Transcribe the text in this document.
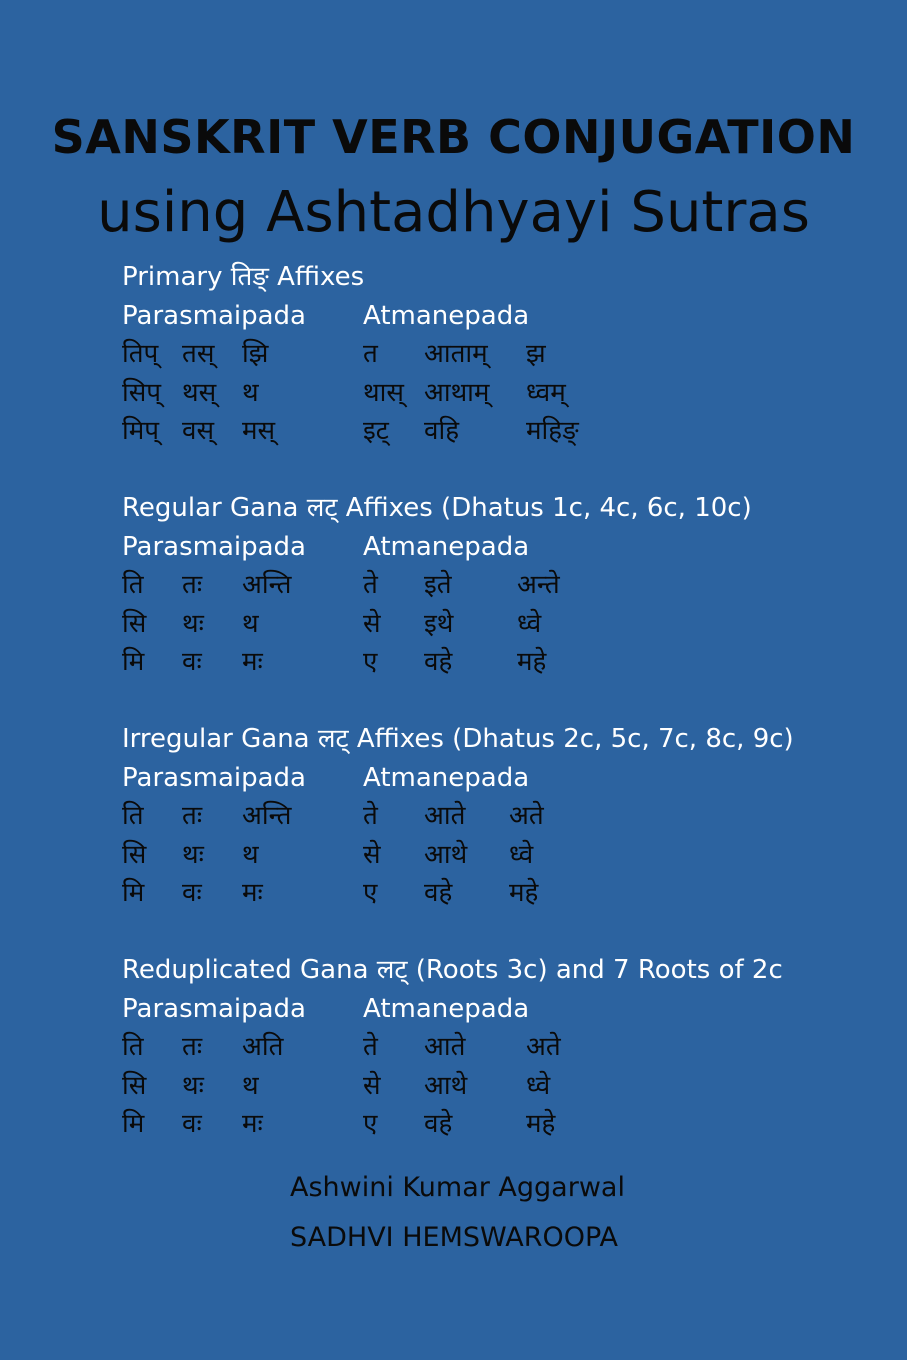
SANSKRIT VERB CONJUGATION
using Ashtadhyayi Sutras
Primary तिङ् Affixes
Parasmaipada Atmanepada
तिप् तस् झि	त आताम् झ
सिप् थस् थ	थास् आथाम् ध्वम्
मिप् वस् मस्	इट् वहि	महिङ्
Regular Gana लट् Affixes (Dhatus 1c, 4c, 6c, 10c)
Parasmaipada Atmanepada
ति तः अन्ति	ते इते	अन्ते
सि थः थ	से इथे ध्वे
मि वः मः	ए वहे महे
Irregular Gana लट् Affixes (Dhatus 2c, 5c, 7c, 8c, 9c)
Parasmaipada Atmanepada
ति तः अन्ति	ते आते अते
सि थः थ	से आथे ध्वे
मि वः मः	ए वहे महे
Reduplicated Gana लट् (Roots 3c) and 7 Roots of 2c
Parasmaipada Atmanepada
ति तः अति	ते आते अते
सि थः थ	से आथे ध्वे
मि वः मः	ए वहे	महे
Ashwini Kumar Aggarwal
SADHVI HEMSWAROOPA
